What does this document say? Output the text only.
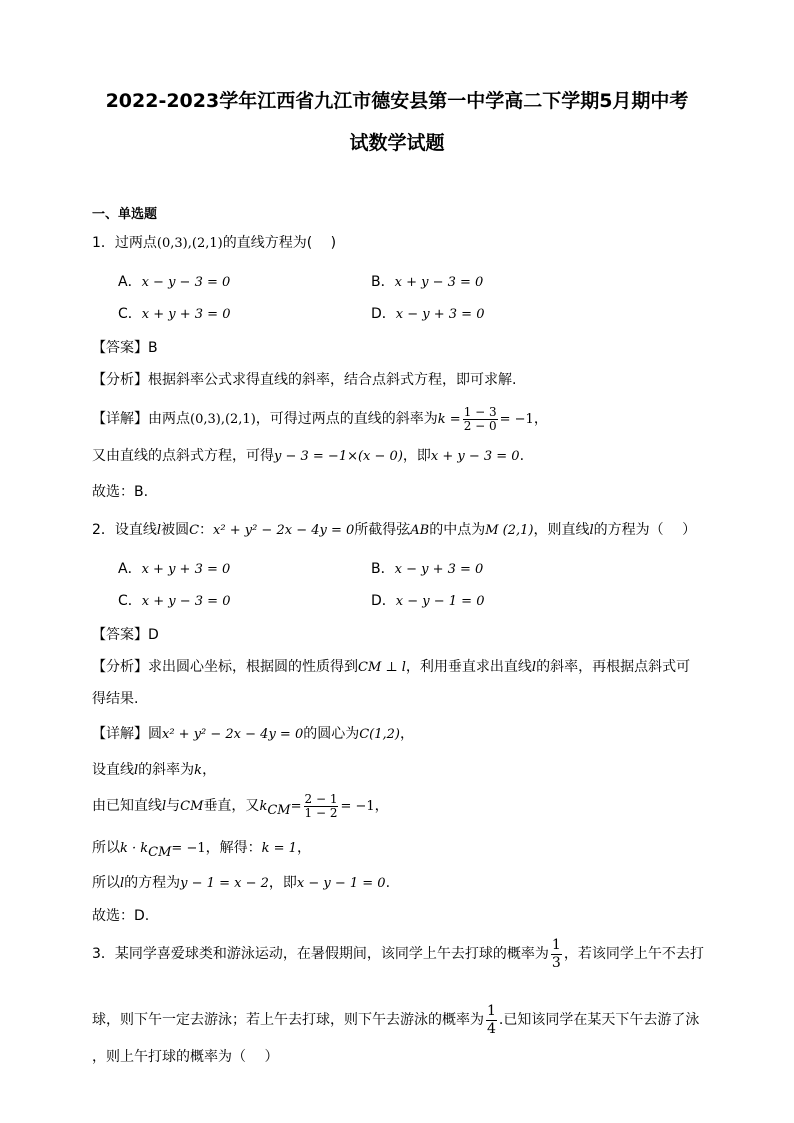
2022-2023学年江西省九江市德安县第一中学高二下学期5月期中考
试数学试题
一、单选题
1．过两点(0,3),(2,1)的直线方程为(　 )
A．x − y − 3 = 0	B．x + y − 3 = 0
C．x + y + 3 = 0	D．x − y + 3 = 0
【答案】B
【分析】根据斜率公式求得直线的斜率，结合点斜式方程，即可求解.
【详解】由两点(0,3),(2,1)，可得过两点的直线的斜率为$k = \frac{1 - 3}{2 - 0} = -1$，
又由直线的点斜式方程，可得y − 3 = −1×(x − 0)，即x + y − 3 = 0.
故选：B.
2．设直线l被圆C：x² + y² − 2x − 4y = 0所截得弦AB的中点为M (2,1)，则直线l的方程为（　 ）
A．x + y + 3 = 0	B．x − y + 3 = 0
C．x + y − 3 = 0	D．x − y − 1 = 0
【答案】D
【分析】求出圆心坐标，根据圆的性质得到CM ⊥ l，利用垂直求出直线l的斜率，再根据点斜式可
得结果.
【详解】圆x² + y² − 2x − 4y = 0的圆心为C(1,2)，
设直线l的斜率为k，
由已知直线l与CM垂直，又$k_{CM}= \frac{2 - 1}{1 - 2} = -1$，
所以$k \cdot k_{CM}= -1$，解得：k = 1，
所以l的方程为y − 1 = x − 2，即x − y − 1 = 0.
故选：D.
3．某同学喜爱球类和游泳运动，在暑假期间，该同学上午去打球的概率为 $\frac{1}{3}$ ，若该同学上午不去打
球，则下午一定去游泳；若上午去打球，则下午去游泳的概率为 $\frac{1}{4}$ .已知该同学在某天下午去游了泳
，则上午打球的概率为（　 ）
